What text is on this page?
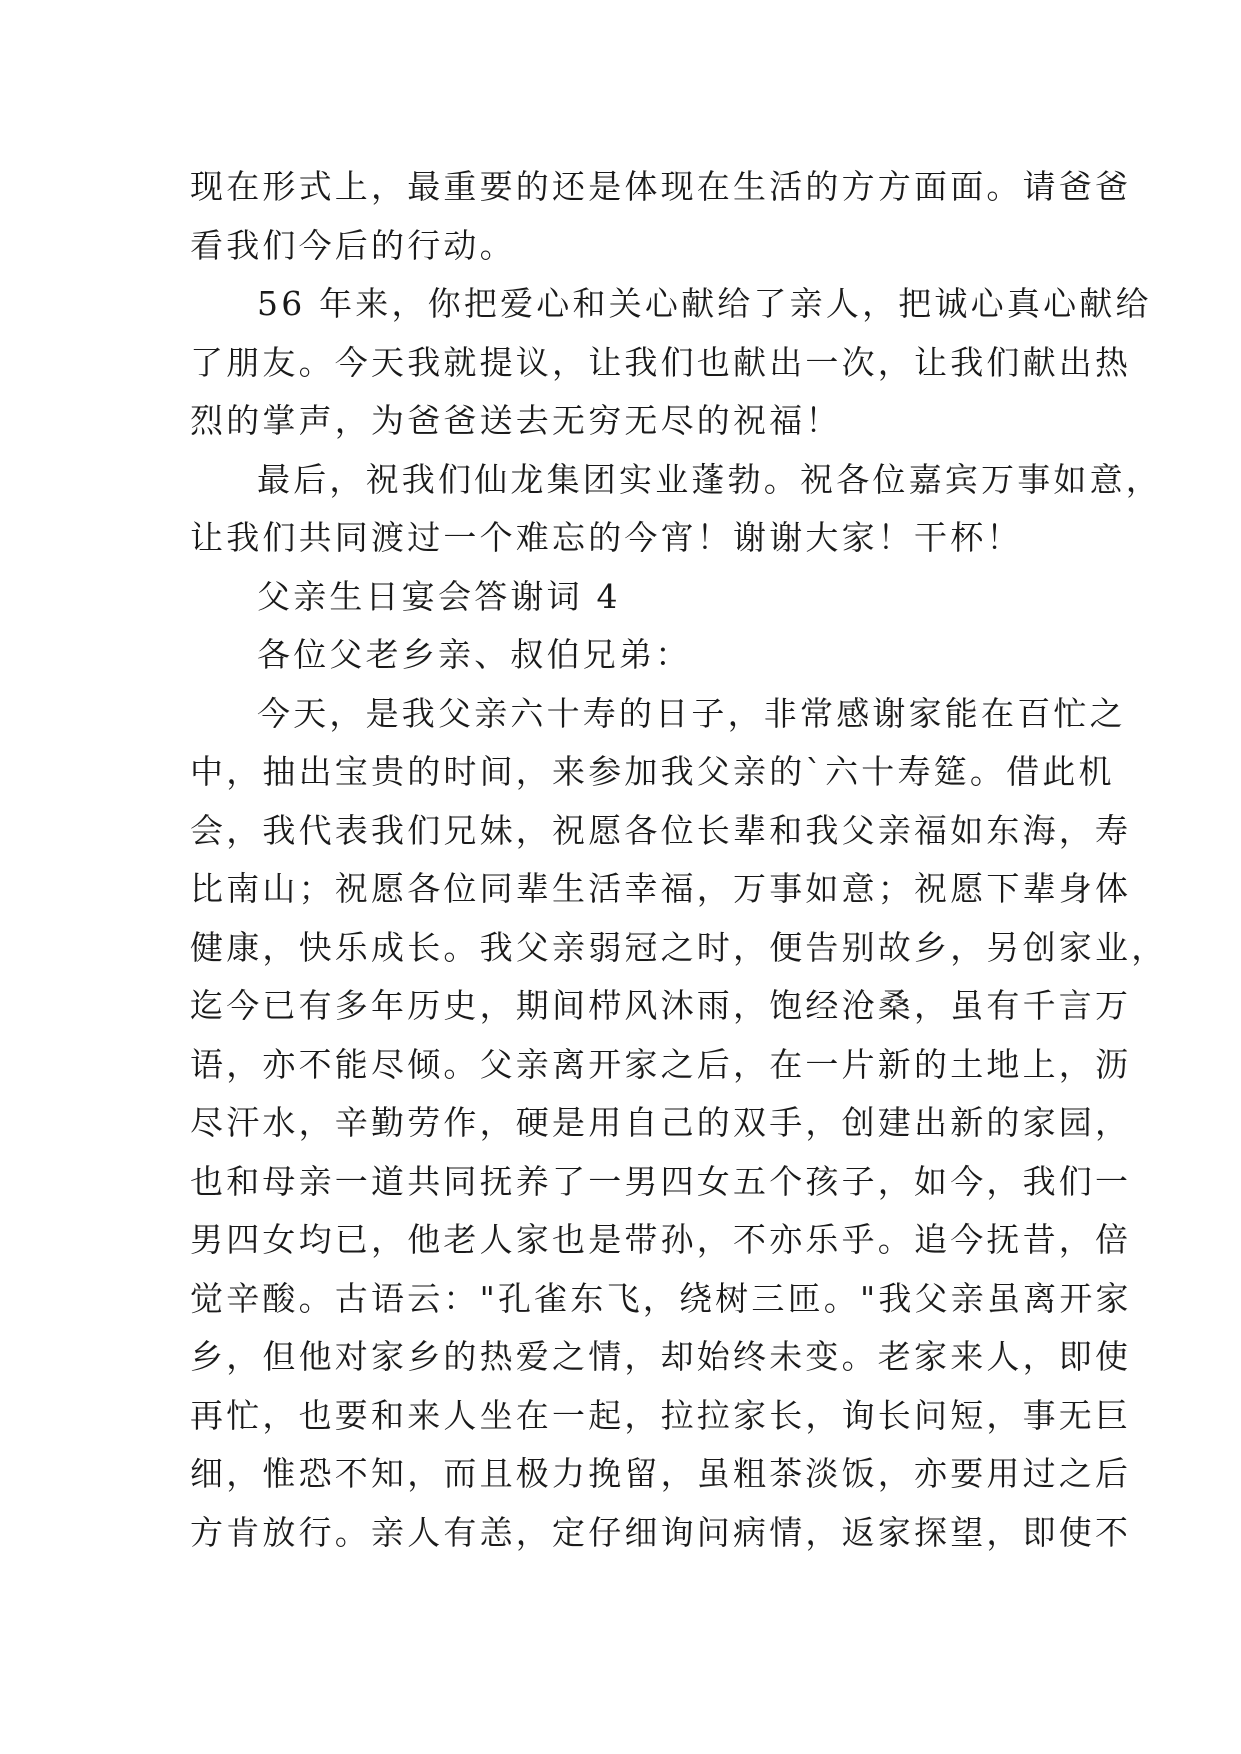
现在形式上，最重要的还是体现在生活的方方面面。请爸爸
看我们今后的行动。
56 年来，你把爱心和关心献给了亲人，把诚心真心献给
了朋友。今天我就提议，让我们也献出一次，让我们献出热
烈的掌声，为爸爸送去无穷无尽的祝福！
最后，祝我们仙龙集团实业蓬勃。祝各位嘉宾万事如意，
让我们共同渡过一个难忘的今宵！谢谢大家！干杯！
父亲生日宴会答谢词 4
各位父老乡亲、叔伯兄弟：
今天，是我父亲六十寿的日子，非常感谢家能在百忙之
中，抽出宝贵的时间，来参加我父亲的`六十寿筵。借此机
会，我代表我们兄妹，祝愿各位长辈和我父亲福如东海，寿
比南山；祝愿各位同辈生活幸福，万事如意；祝愿下辈身体
健康，快乐成长。我父亲弱冠之时，便告别故乡，另创家业，
迄今已有多年历史，期间栉风沐雨，饱经沧桑，虽有千言万
语，亦不能尽倾。父亲离开家之后，在一片新的土地上，沥
尽汗水，辛勤劳作，硬是用自己的双手，创建出新的家园，
也和母亲一道共同抚养了一男四女五个孩子，如今，我们一
男四女均已，他老人家也是带孙，不亦乐乎。追今抚昔，倍
觉辛酸。古语云："孔雀东飞，绕树三匝。"我父亲虽离开家
乡，但他对家乡的热爱之情，却始终未变。老家来人，即使
再忙，也要和来人坐在一起，拉拉家长，询长问短，事无巨
细，惟恐不知，而且极力挽留，虽粗茶淡饭，亦要用过之后
方肯放行。亲人有恙，定仔细询问病情，返家探望，即使不
